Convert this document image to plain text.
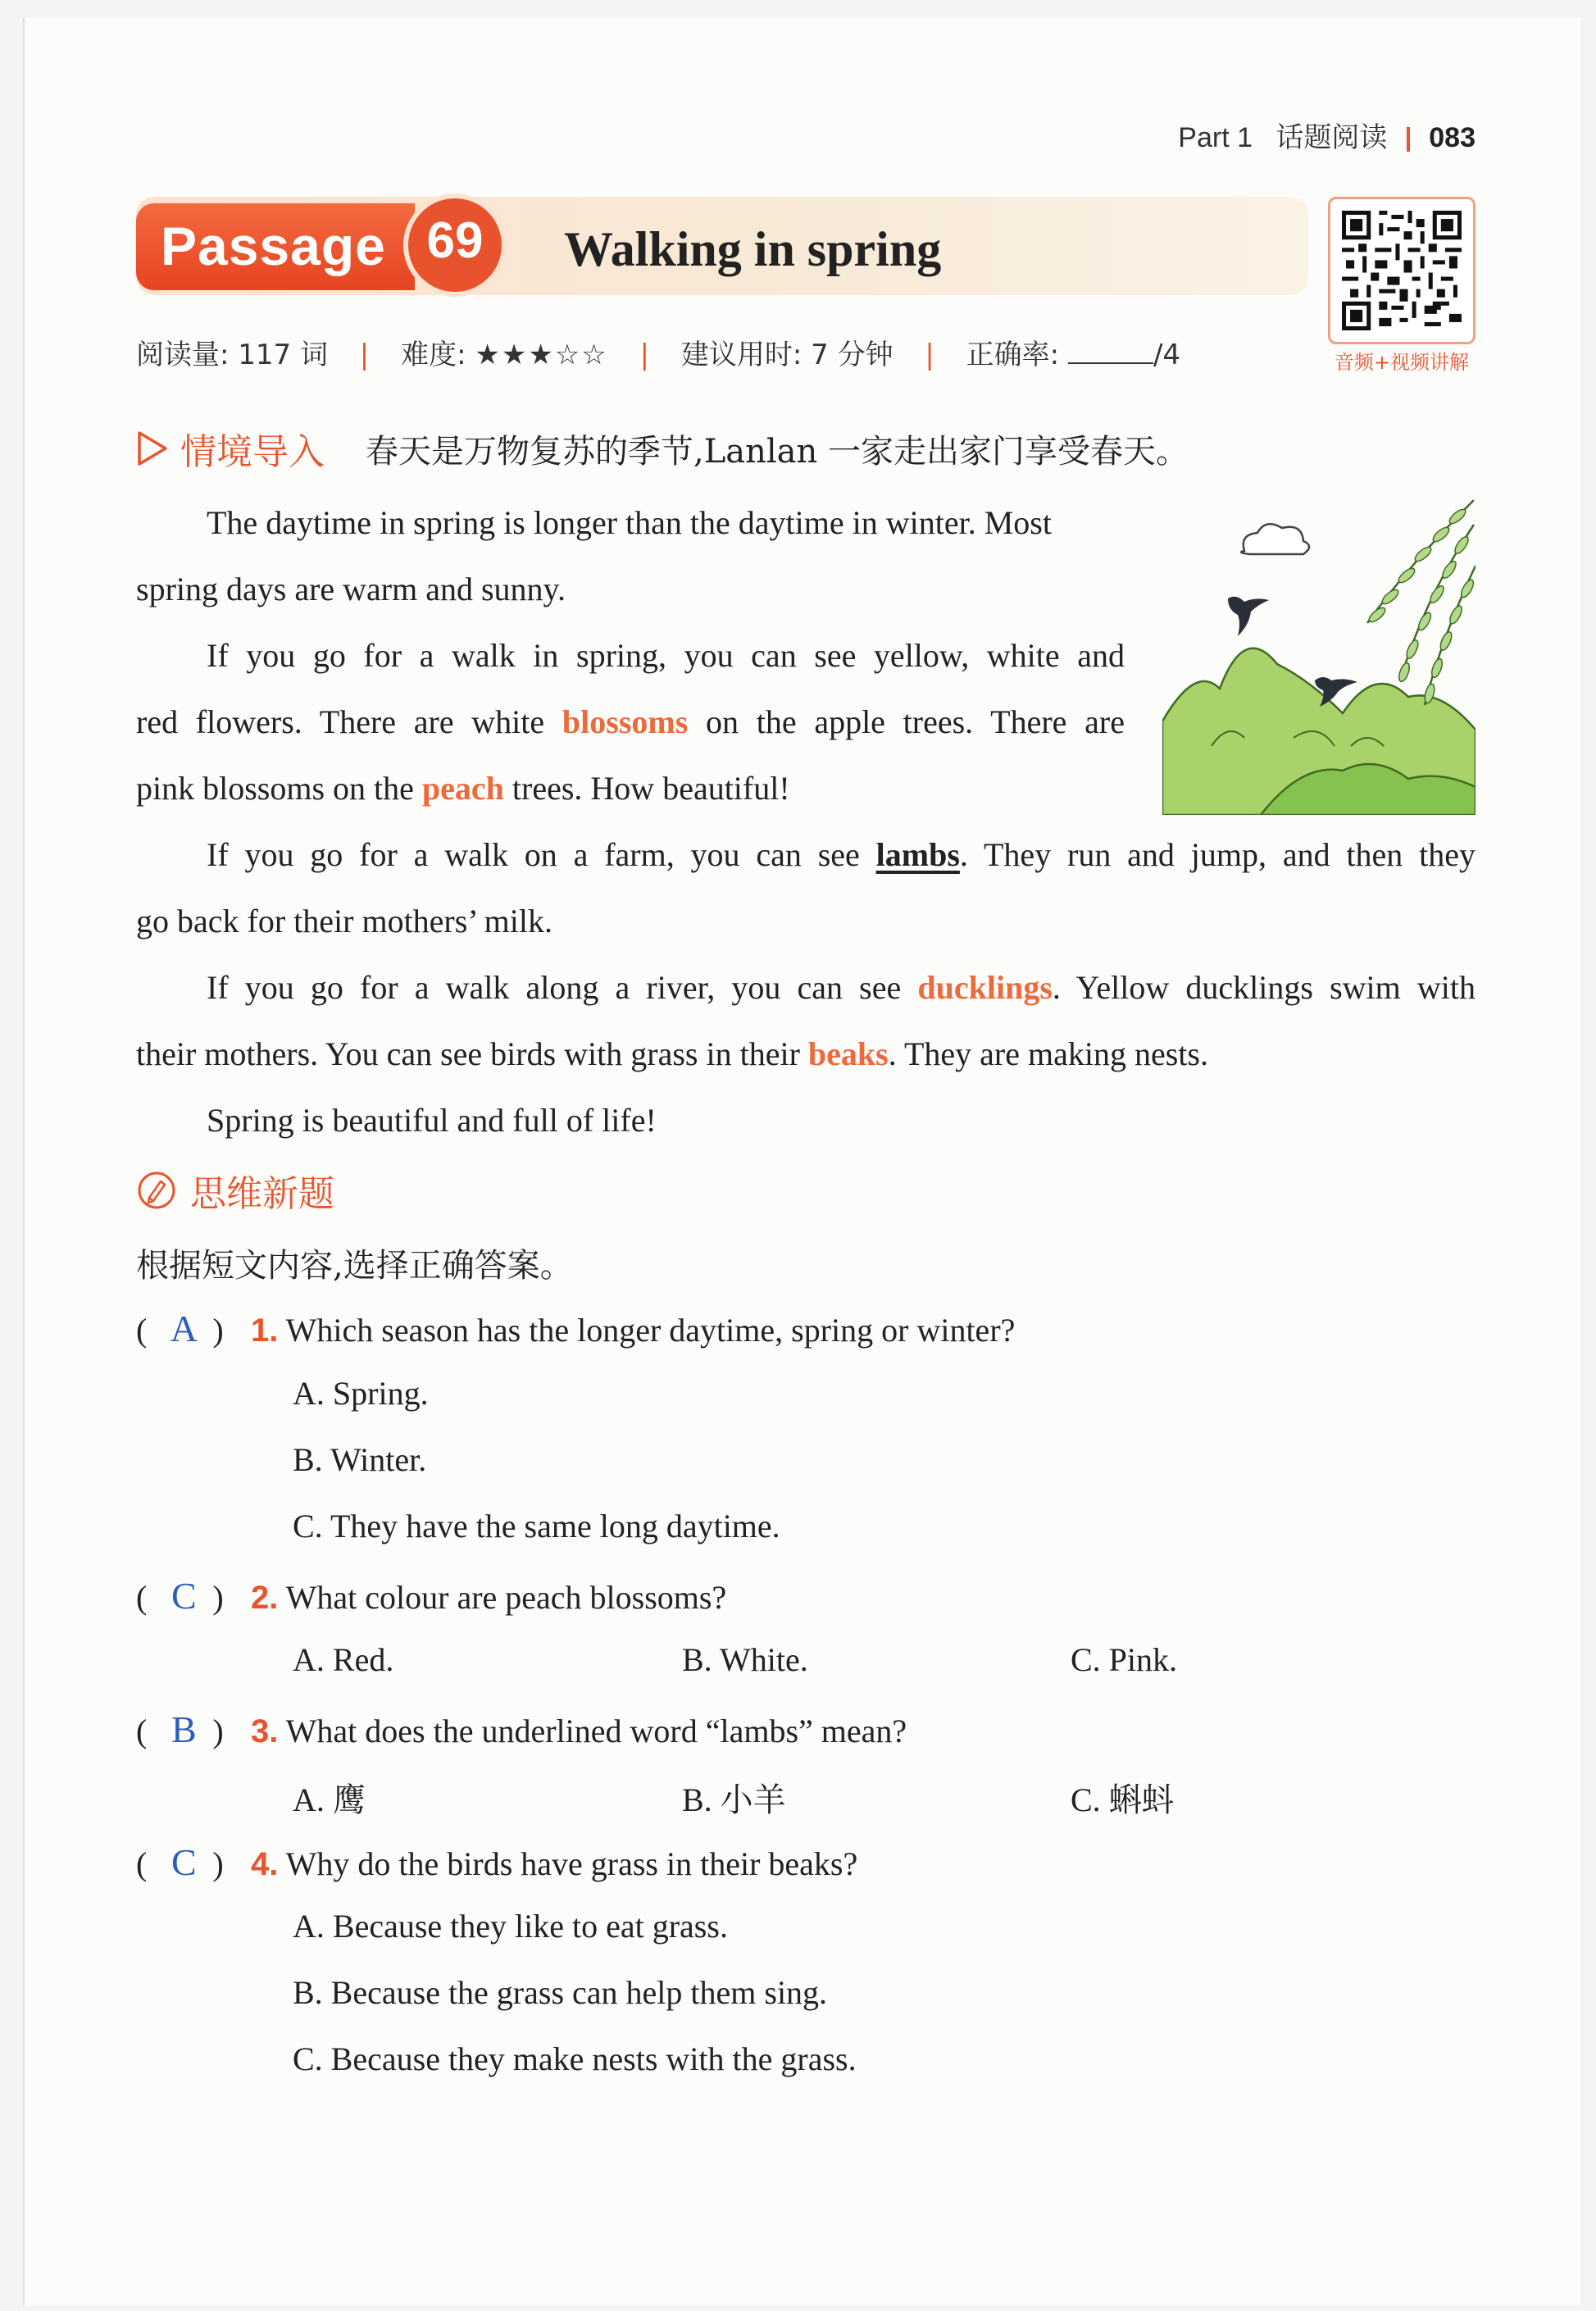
Part 1 话题阅读 083
Passage 69	Walking in spring
音频+视频讲解
阅读量: 117 词 | 难度: ★★★☆☆ | 建议用时: 7 分钟 | 正确率:	/4
情境导入 春天是万物复苏的季节,Lanlan 一家走出家门享受春天。
The daytime in spring is longer than the daytime in winter. Most
spring days are warm and sunny.
If you go for a walk in spring, you can see yellow, white and
red flowers. There are white blossoms on the apple trees. There are
pink blossoms on the peach trees. How beautiful!
If you go for a walk on a farm, you can see lambs. They run and jump, and then they
go back for their mothers’ milk.
If you go for a walk along a river, you can see ducklings. Yellow ducklings swim with
their mothers. You can see birds with grass in their beaks. They are making nests.
Spring is beautiful and full of life!
思维新题
根据短文内容,选择正确答案。
( A ) 1. Which season has the longer daytime, spring or winter?
A. Spring.
B. Winter.
C. They have the same long daytime.
( C ) 2. What colour are peach blossoms?
A. Red.	B. White.	C. Pink.
( B ) 3. What does the underlined word “lambs” mean?
A. 鹰	B. 小羊	C. 蝌蚪
( C ) 4. Why do the birds have grass in their beaks?
A. Because they like to eat grass.
B. Because the grass can help them sing.
C. Because they make nests with the grass.
